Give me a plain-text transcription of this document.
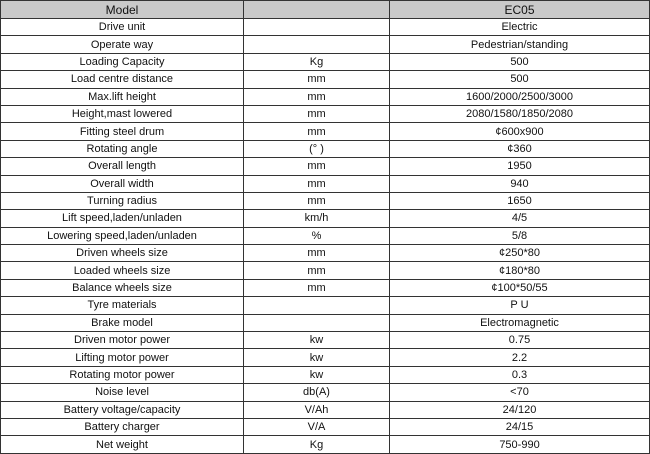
Model		EC05
Drive unit		Electric
Operate way		Pedestrian/standing
Loading Capacity	Kg	500
Load centre distance	mm	500
Max.lift height	mm	1600/2000/2500/3000
Height,mast lowered	mm	2080/1580/1850/2080
Fitting steel drum	mm	¢600x900
Rotating angle	(° )	¢360
Overall length	mm	1950
Overall width	mm	940
Turning radius	mm	1650
Lift speed,laden/unladen	km/h	4/5
Lowering speed,laden/unladen	%	5/8
Driven wheels size	mm	¢250*80
Loaded wheels size	mm	¢180*80
Balance wheels size	mm	¢100*50/55
Tyre materials		P U
Brake model		Electromagnetic
Driven motor power	kw	0.75
Lifting motor power	kw	2.2
Rotating motor power	kw	0.3
Noise level	db(A)	<70
Battery voltage/capacity	V/Ah	24/120
Battery charger	V/A	24/15
Net weight	Kg	750-990
